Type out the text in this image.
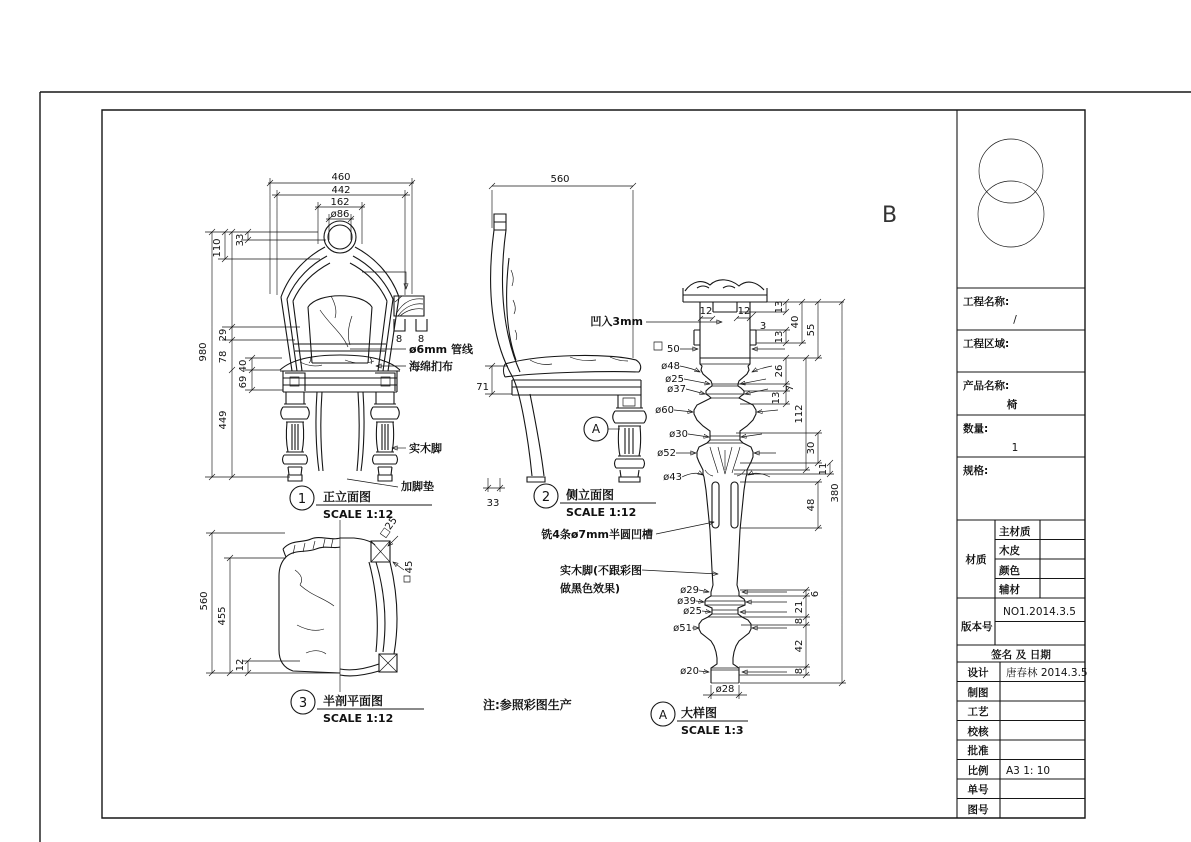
460
442
162
ø86
110 33
980
29
78
40
69
449
8 8
ø6mm 管线
海绵扪布
实木脚
加脚垫
1 正立面图
SCALE 1:12
560
71
33
A
2 侧立面图
SCALE 1:12
560
455
12
□25
45
3 半剖平面图
SCALE 1:12
12	12
3
凹入3mm
50
ø48
ø25
ø37
ø60
ø30
ø52
ø43
ø29
ø39
ø25
ø51
ø20
铣4条ø7mm半圆凹槽
实木脚(不跟彩图
做黑色效果)
13
13
40
55
26
7
13
112
30
11
48
380
6
21
8
42
8
ø28
A 大样图
SCALE 1:3
注:参照彩图生产
B
工程名称:
/
工程区域:
产品名称:
椅
数量:
1
规格:
材质
主材质
木皮
颜色
辅材
版本号
NO1.2014.3.5
签名 及 日期
设计 唐春林 2014.3.5
制图
工艺
校核
批准
比例 A3 1: 10
单号
图号
